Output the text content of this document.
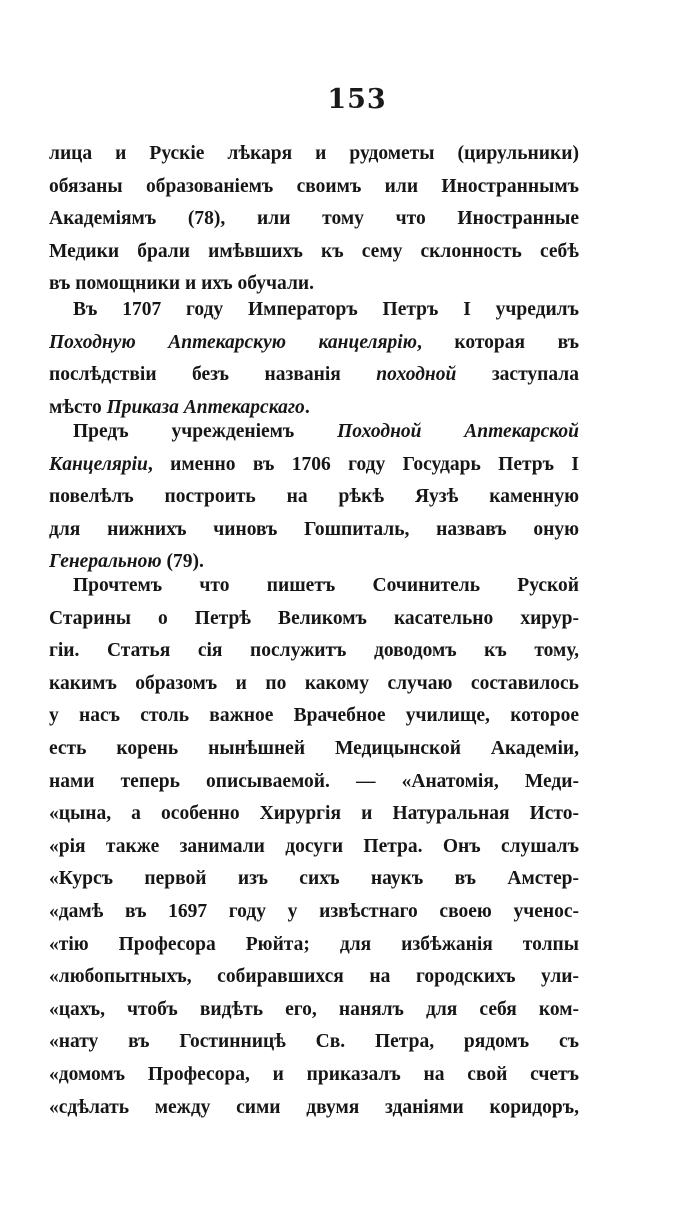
153
лица и Рускіе лѣкаря и рудометы (цирульники)
обязаны образованіемъ своимъ или Иностраннымъ
Академіямъ (78), или тому что Иностранные
Медики брали имѣвшихъ къ сему склонность себѣ
въ помощники и ихъ обучали.
Въ 1707 году Императоръ Петръ I учредилъ
Походную Аптекарскую канцелярію, которая въ
послѣдствіи безъ названія походной заступала
мѣсто Приказа Аптекарскаго.
Предъ учрежденіемъ Походной Аптекарской
Канцеляріи, именно въ 1706 году Государь Петръ I
повелѣлъ построить на рѣкѣ Яузѣ каменную
для нижнихъ чиновъ Гошпиталь, назвавъ оную
Генеральною (79).
Прочтемъ что пишетъ Сочинитель Руской
Старины о Петрѣ Великомъ касательно хирур-
гіи. Статья сія послужитъ доводомъ къ тому,
какимъ образомъ и по какому случаю составилось
у насъ столь важное Врачебное училище, которое
есть корень нынѣшней Медицынской Академіи,
нами теперь описываемой. — «Анатомія, Меди-
«цына, а особенно Хирургія и Натуральная Исто-
«рія также занимали досуги Петра. Онъ слушалъ
«Курсъ первой изъ сихъ наукъ въ Амстер-
«дамѣ въ 1697 году у извѣстнаго своею ученос-
«тію Професора Рюйта; для избѣжанія толпы
«любопытныхъ, собиравшихся на городскихъ ули-
«цахъ, чтобъ видѣть его, нанялъ для себя ком-
«нату въ Гостинницѣ Св. Петра, рядомъ съ
«домомъ Професора, и приказалъ на свой счетъ
«сдѣлать между сими двумя зданіями коридоръ,
